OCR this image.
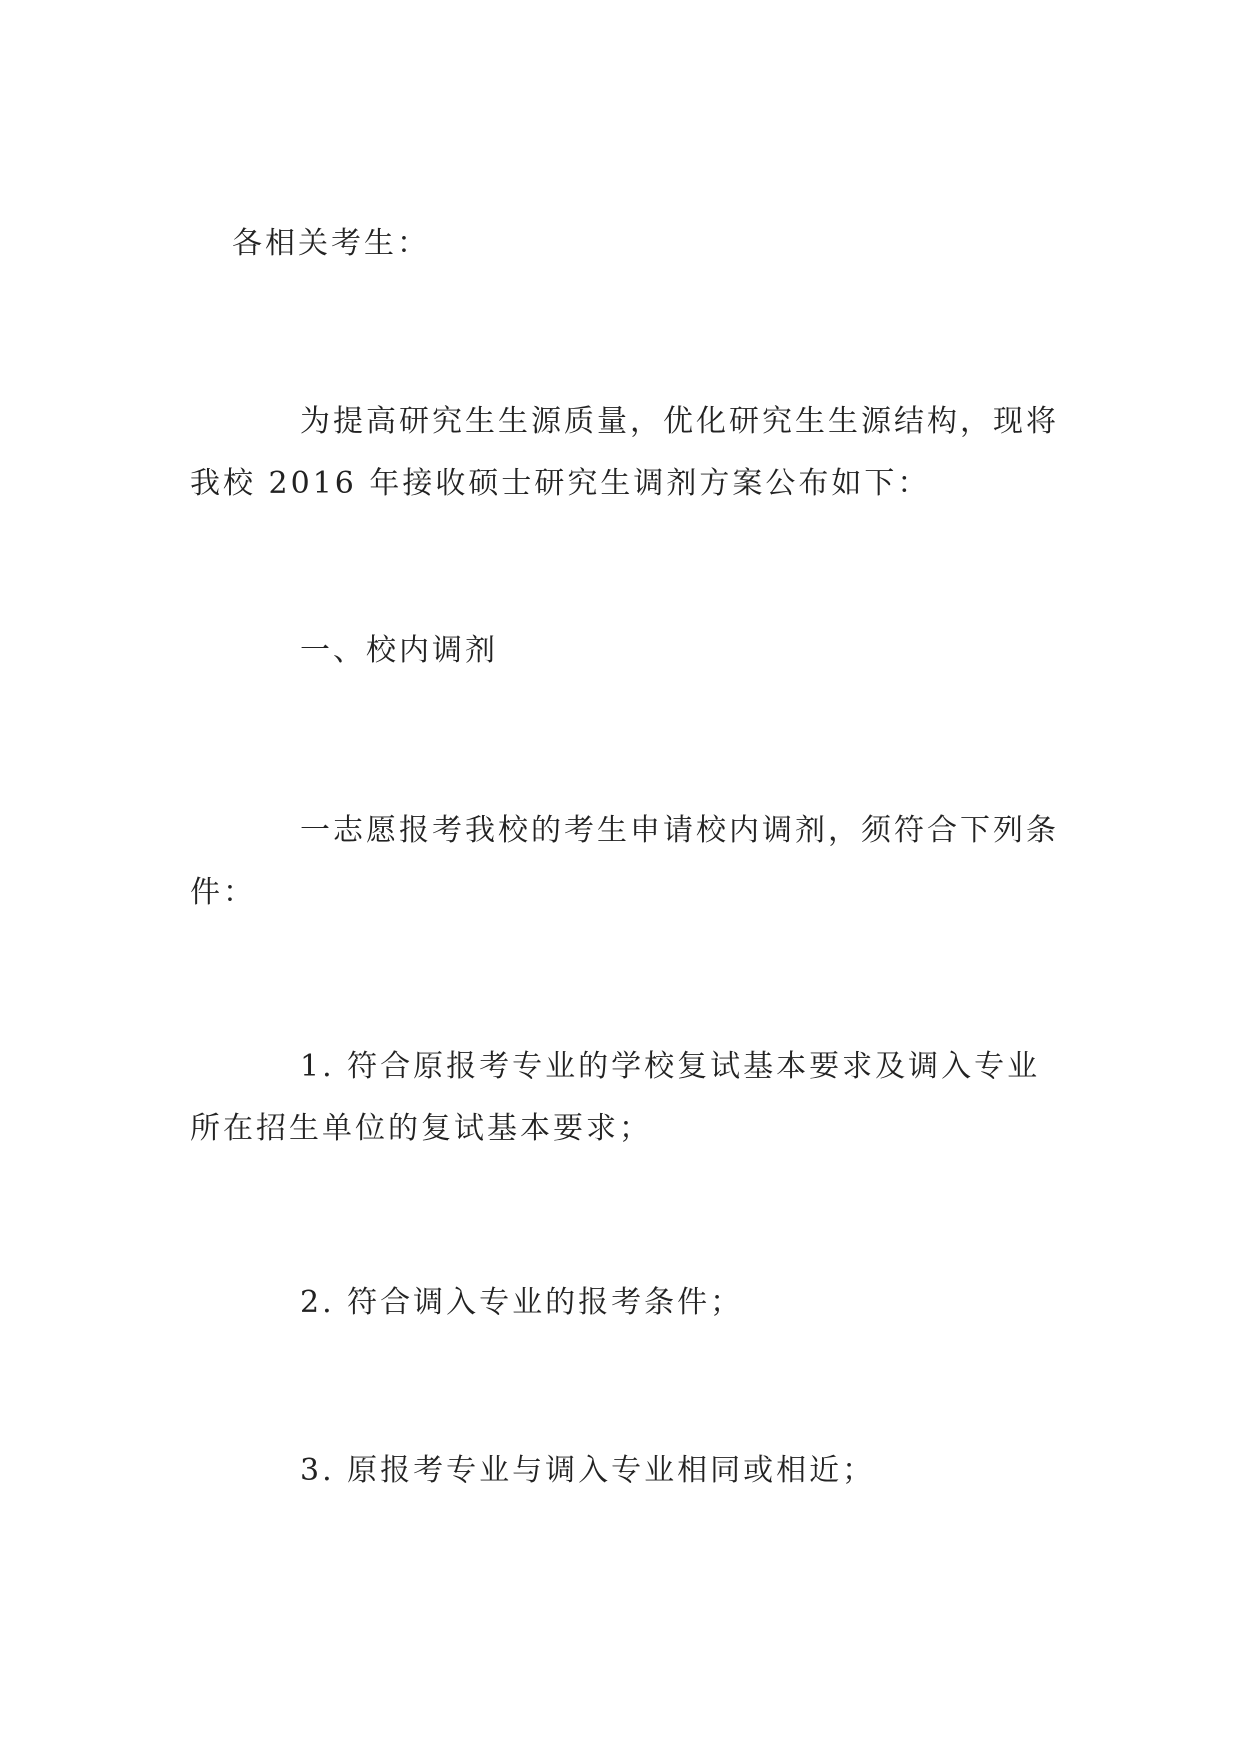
各相关考生：

为提高研究生生源质量，优化研究生生源结构，现将
我校 2016 年接收硕士研究生调剂方案公布如下：

一、校内调剂

一志愿报考我校的考生申请校内调剂，须符合下列条
件：

1. 符合原报考专业的学校复试基本要求及调入专业
所在招生单位的复试基本要求；

2. 符合调入专业的报考条件；

3. 原报考专业与调入专业相同或相近；
